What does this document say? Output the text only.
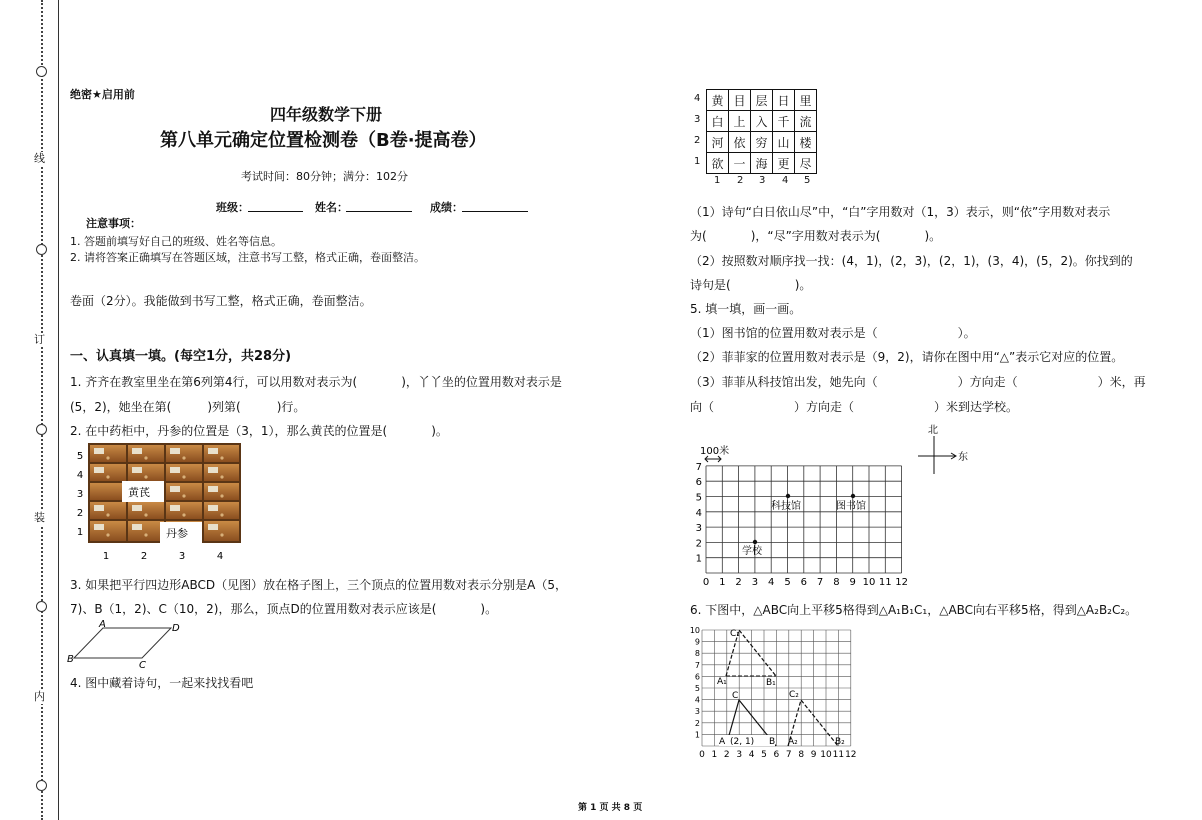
线
订
装
内
绝密★启用前
四年级数学下册
第八单元确定位置检测卷（B卷·提高卷）
考试时间：80分钟；满分：102分
班级：	姓名：	成绩：
注意事项：
1. 答题前填写好自己的班级、姓名等信息。
2. 请将答案正确填写在答题区域，注意书写工整，格式正确，卷面整洁。
卷面（2分）。我能做到书写工整，格式正确，卷面整洁。
一、认真填一填。(每空1分，共28分)
1. 齐齐在教室里坐在第6列第4行，可以用数对表示为(	)，丫丫坐的位置用数对表示是
(5，2)，她坐在第(	)列第(	)行。
2. 在中药柜中，丹参的位置是（3，1），那么黄芪的位置是(	)。
黄芪
丹参
5
4
3
2
1
1	2	3	4
3. 如果把平行四边形ABCD（见图）放在格子图上，三个顶点的位置用数对表示分别是A（5，
7)、B（1，2)、C（10，2)，那么，顶点D的位置用数对表示应该是(	)。
A	D
B
C
4. 图中藏着诗句，一起来找找看吧
黄	目	层	日	里
白	上	入	千	流
河	依	穷	山	楼
欲	一	海	更	尽
4
3
2
1
1 2 3 4 5
（1）诗句“白日依山尽”中，“白”字用数对（1，3）表示，则“依”字用数对表示
为(	)，“尽”字用数对表示为(	)。
（2）按照数对顺序找一找：(4，1)，(2，3)，(2，1)，(3，4)，(5，2)。你找到的
诗句是(	)。
5. 填一填，画一画。
（1）图书馆的位置用数对表示是（	）。
（2）菲菲家的位置用数对表示是（9，2)，请你在图中用“△”表示它对应的位置。
（3）菲菲从科技馆出发，她先向（	）方向走（	）米，再
向（	）方向走（	）米到达学校。
100米
0 1 2 3 4 5 6 7 8 9 10 11 12
1
2
3
4
5
6
7
科技馆	图书馆
学校
北
东
6. 下图中，△ABC向上平移5格得到△A₁B₁C₁，△ABC向右平移5格，得到△A₂B₂C₂。
0 1 2 3 4 5 6 7 8 9 10 11 12
1
2
3
4
5
6
7
8
9
10
A (2, 1) B
C
A₁	B₁
C₁
A₂	B₂
C₂
第 1 页 共 8 页
